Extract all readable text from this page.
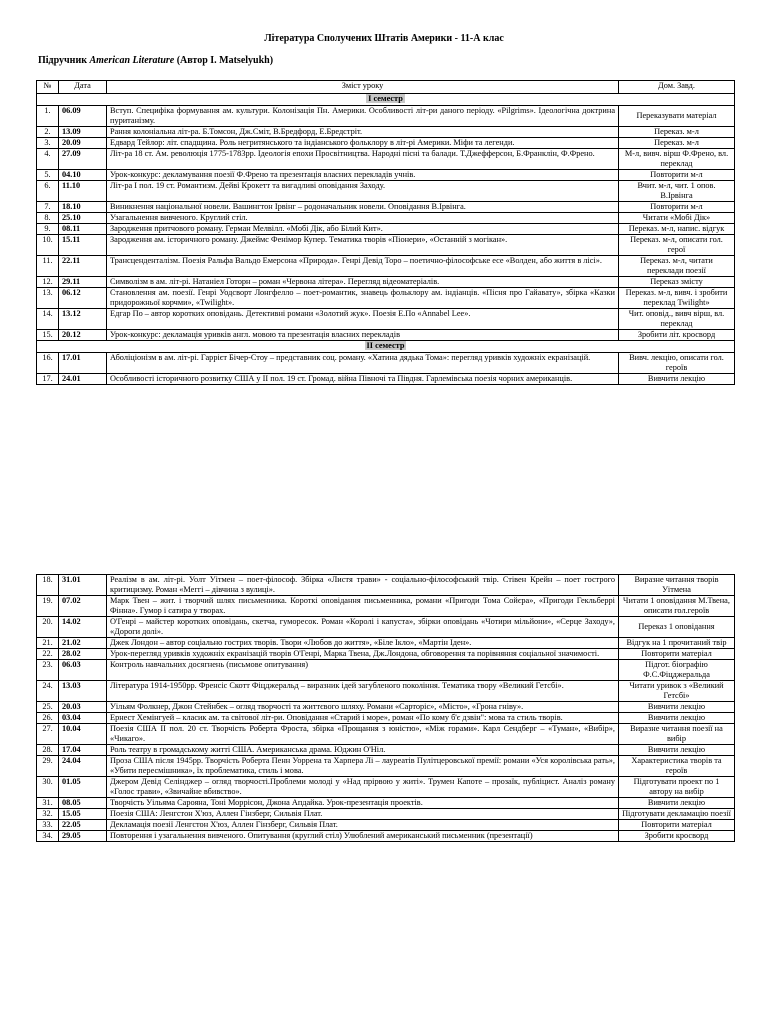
Література Сполучених Штатів Америки - 11-А клас
Підручник American Literature (Автор І. Matselyukh)
№	Дата	Зміст уроку	Дом. Завд.
І семестр			
1.	06.09	Вступ. Специфіка формування ам. культури. Колонізація Пн. Америки. Особливості літ-ри даного періоду. «Pilgrims». Ідеологічна доктрина пуританізму.	Переказувати матеріал
2.	13.09	Рання колоніальна літ-ра. Б.Томсон, Дж.Сміт, В.Бредфорд, Е.Бредстріт.	Переказ. м-л
3.	20.09	Едвард Тейлор: літ. спадщина. Роль негритянського та індіанського фольклору в літ-рі Америки. Міфи та легенди.	Переказ. м-л
4.	27.09	Літ-ра 18 ст. Ам. революція 1775-1783рр. Ідеологія епохи Просвітництва. Народні пісні та балади. Т.Джефферсон, Б.Франклін, Ф.Френо.	М-л, вивч. вірш Ф.Френо, вл. переклад
5.	04.10	Урок-конкурс: декламування поезії Ф.Френо та презентація власних перекладів учнів.	Повторити м-л
6.	11.10	Літ-ра І пол. 19 ст. Романтизм. Дейві Крокетт та вигадливі оповідання Заходу.	Вчит. м-л, чит. 1 опов. В.Ірвінга
7.	18.10	Виникнення національної новели. Вашингтон Ірвінг – родоначальник новели. Оповідання В.Ірвінга.	Повторити м-л
8.	25.10	Узагальнення вивченого. Круглий стіл.	Читати «Мобі Дік»
9.	08.11	Зародження притчового роману. Герман Мелвілл. «Мобі Дік, або Білий Кит».	Переказ. м-л, напис. відгук
10.	15.11	Зародження ам. історичного роману. Джеймс Фенімор Купер. Тематика творів «Піонери», «Останній з могікан».	Переказ. м-л, описати гол. герої
11.	22.11	Трансценденталізм. Поезія Ральфа Вальдо Емерсона «Природа». Генрі Девід Торо – поетично-філософське есе «Волден, або життя в лісі».	Переказ. м-л, читати переклади поезії
12.	29.11	Символізм в ам. літ-рі. Натаніел Готорн – роман «Червона літера». Перегляд відеоматеріалів.	Переказ змісту
13.	06.12	Становлення ам. поезії. Генрі Уодсворт Лонгфелло – поет-романтик, знавець фольклору ам. індіанців. «Пісня про Гайавату», збірка «Казки придорожньої корчми», «Twilight».	Переказ. м-л, вивч. і зробити переклад Twilight»
14.	13.12	Едгар По – автор коротких оповідань. Детективні романи «Золотий жук». Поезія Е.По «Annabel Lee».	Чит. оповід., вивч вірш, вл. переклад
15.	20.12	Урок-конкурс: декламація уривків англ. мовою та презентація власних перекладів	Зробити літ. кросворд
ІІ семестр			
16.	17.01	Аболіціонізм в ам. літ-рі. Гаррієт Бічер-Стоу – представник соц. роману. «Хатина дядька Тома»: перегляд уривків художніх екранізацій.	Вивч. лекцію, описати гол. героїв
17.	24.01	Особливості історичного розвитку США у ІІ пол. 19 ст. Громад. війна Півночі та Півдня. Гарлемівська поезія чорних американців.	Вивчити лекцію
18.	31.01	Реалізм в ам. літ-рі. Уолт Уітмен – поет-філософ. Збірка «Листя трави» - соціально-філософський твір. Стівен Крейн – поет гострого критицизму. Роман «Меггі – дівчина з вулиці».	Виразне читання творів Уітмена
19.	07.02	Марк Твен – жит. і творчий шлях письменника. Короткі оповідання письменника, романи «Пригоди Тома Сойєра», «Пригоди Гекльберрі Фінна». Гумор і сатира у творах.	Читати 1 оповідання М.Твена, описати гол.героїв
20.	14.02	О'Генрі – майстер коротких оповідань, скетча, гуморесок. Роман «Королі і капуста», збірки оповідань «Чотири мільйони», «Серце Заходу», «Дороги долі».	Переказ 1 оповідання
21.	21.02	Джек Лондон – автор соціально гострих творів. Твори «Любов до життя», «Біле Ікло», «Мартін Іден».	Відгук на 1 прочитаний твір
22.	28.02	Урок-перегляд уривків художніх екранізацій творів О'Генрі, Марка Твена, Дж.Лондона, обговорення та порівняння соціальної значимості.	Повторити матеріал
23.	06.03	Контроль навчальних досягнень (письмове опитування)	Підгот. біографію Ф.С.Фіцджеральда
24.	13.03	Література 1914-1950рр. Френсіс Скотт Фіцджеральд – виразник ідей загубленого покоління. Тематика твору «Великий Гетсбі».	Читати уривок з «Великий Гетсбі»
25.	20.03	Уільям Фолкнер, Джон Стейнбек – огляд творчості та життєвого шляху. Романи «Сарторіс», «Місто», «Грона гніву».	Вивчити лекцію
26.	03.04	Ернест Хемінгуей – класик ам. та світової літ-ри. Оповідання «Старий і море», роман «По кому б'є дзвін": мова та стиль творів.	Вивчити лекцію
27.	10.04	Поезія США ІІ пол. 20 ст. Творчість Роберта Фроста, збірка «Прощання з юністю», «Між горами». Карл Сендберг – «Туман», «Вибір», «Чикаго».	Виразне читання поезії на вибір
28.	17.04	Роль театру в громадському житті США. Американська драма. Юджин О'Ніл.	Вивчити лекцію
29.	24.04	Проза США після 1945рр. Творчість Роберта Пенн Уоррена та Харпера Лі – лауреатів Пулітцеровської премії: романи «Уся королівська рать», «Убити пересмішника», їх проблематика, стиль і мова.	Характеристика творів та героїв
30.	01.05	Джером Девід Селінджер – огляд творчості.Проблеми молоді у «Над прірвою у житі». Трумен Капоте – прозаїк, публіцист. Аналіз роману «Голос трави», «Звичайне вбивство».	Підготувати проект по 1 автору на вибір
31.	08.05	Творчість Уільяма Сароянa, Тоні Моррісон, Джона Апдайка. Урок-презентація проектів.	Вивчити лекцію
32.	15.05	Поезія США: Ленгстон Х'юз, Аллен Гінзберг, Сильвія Плат.	Підготувати декламацію поезії
33.	22.05	Декламація поезії Ленгстон Х'юз, Аллен Гінзберг, Сильвія Плат.	Повторити матеріал
34.	29.05	Повторення і узагальнення вивченого. Опитування (круглий стіл) Улюблений американський письменник (презентації)	Зробити кросворд
